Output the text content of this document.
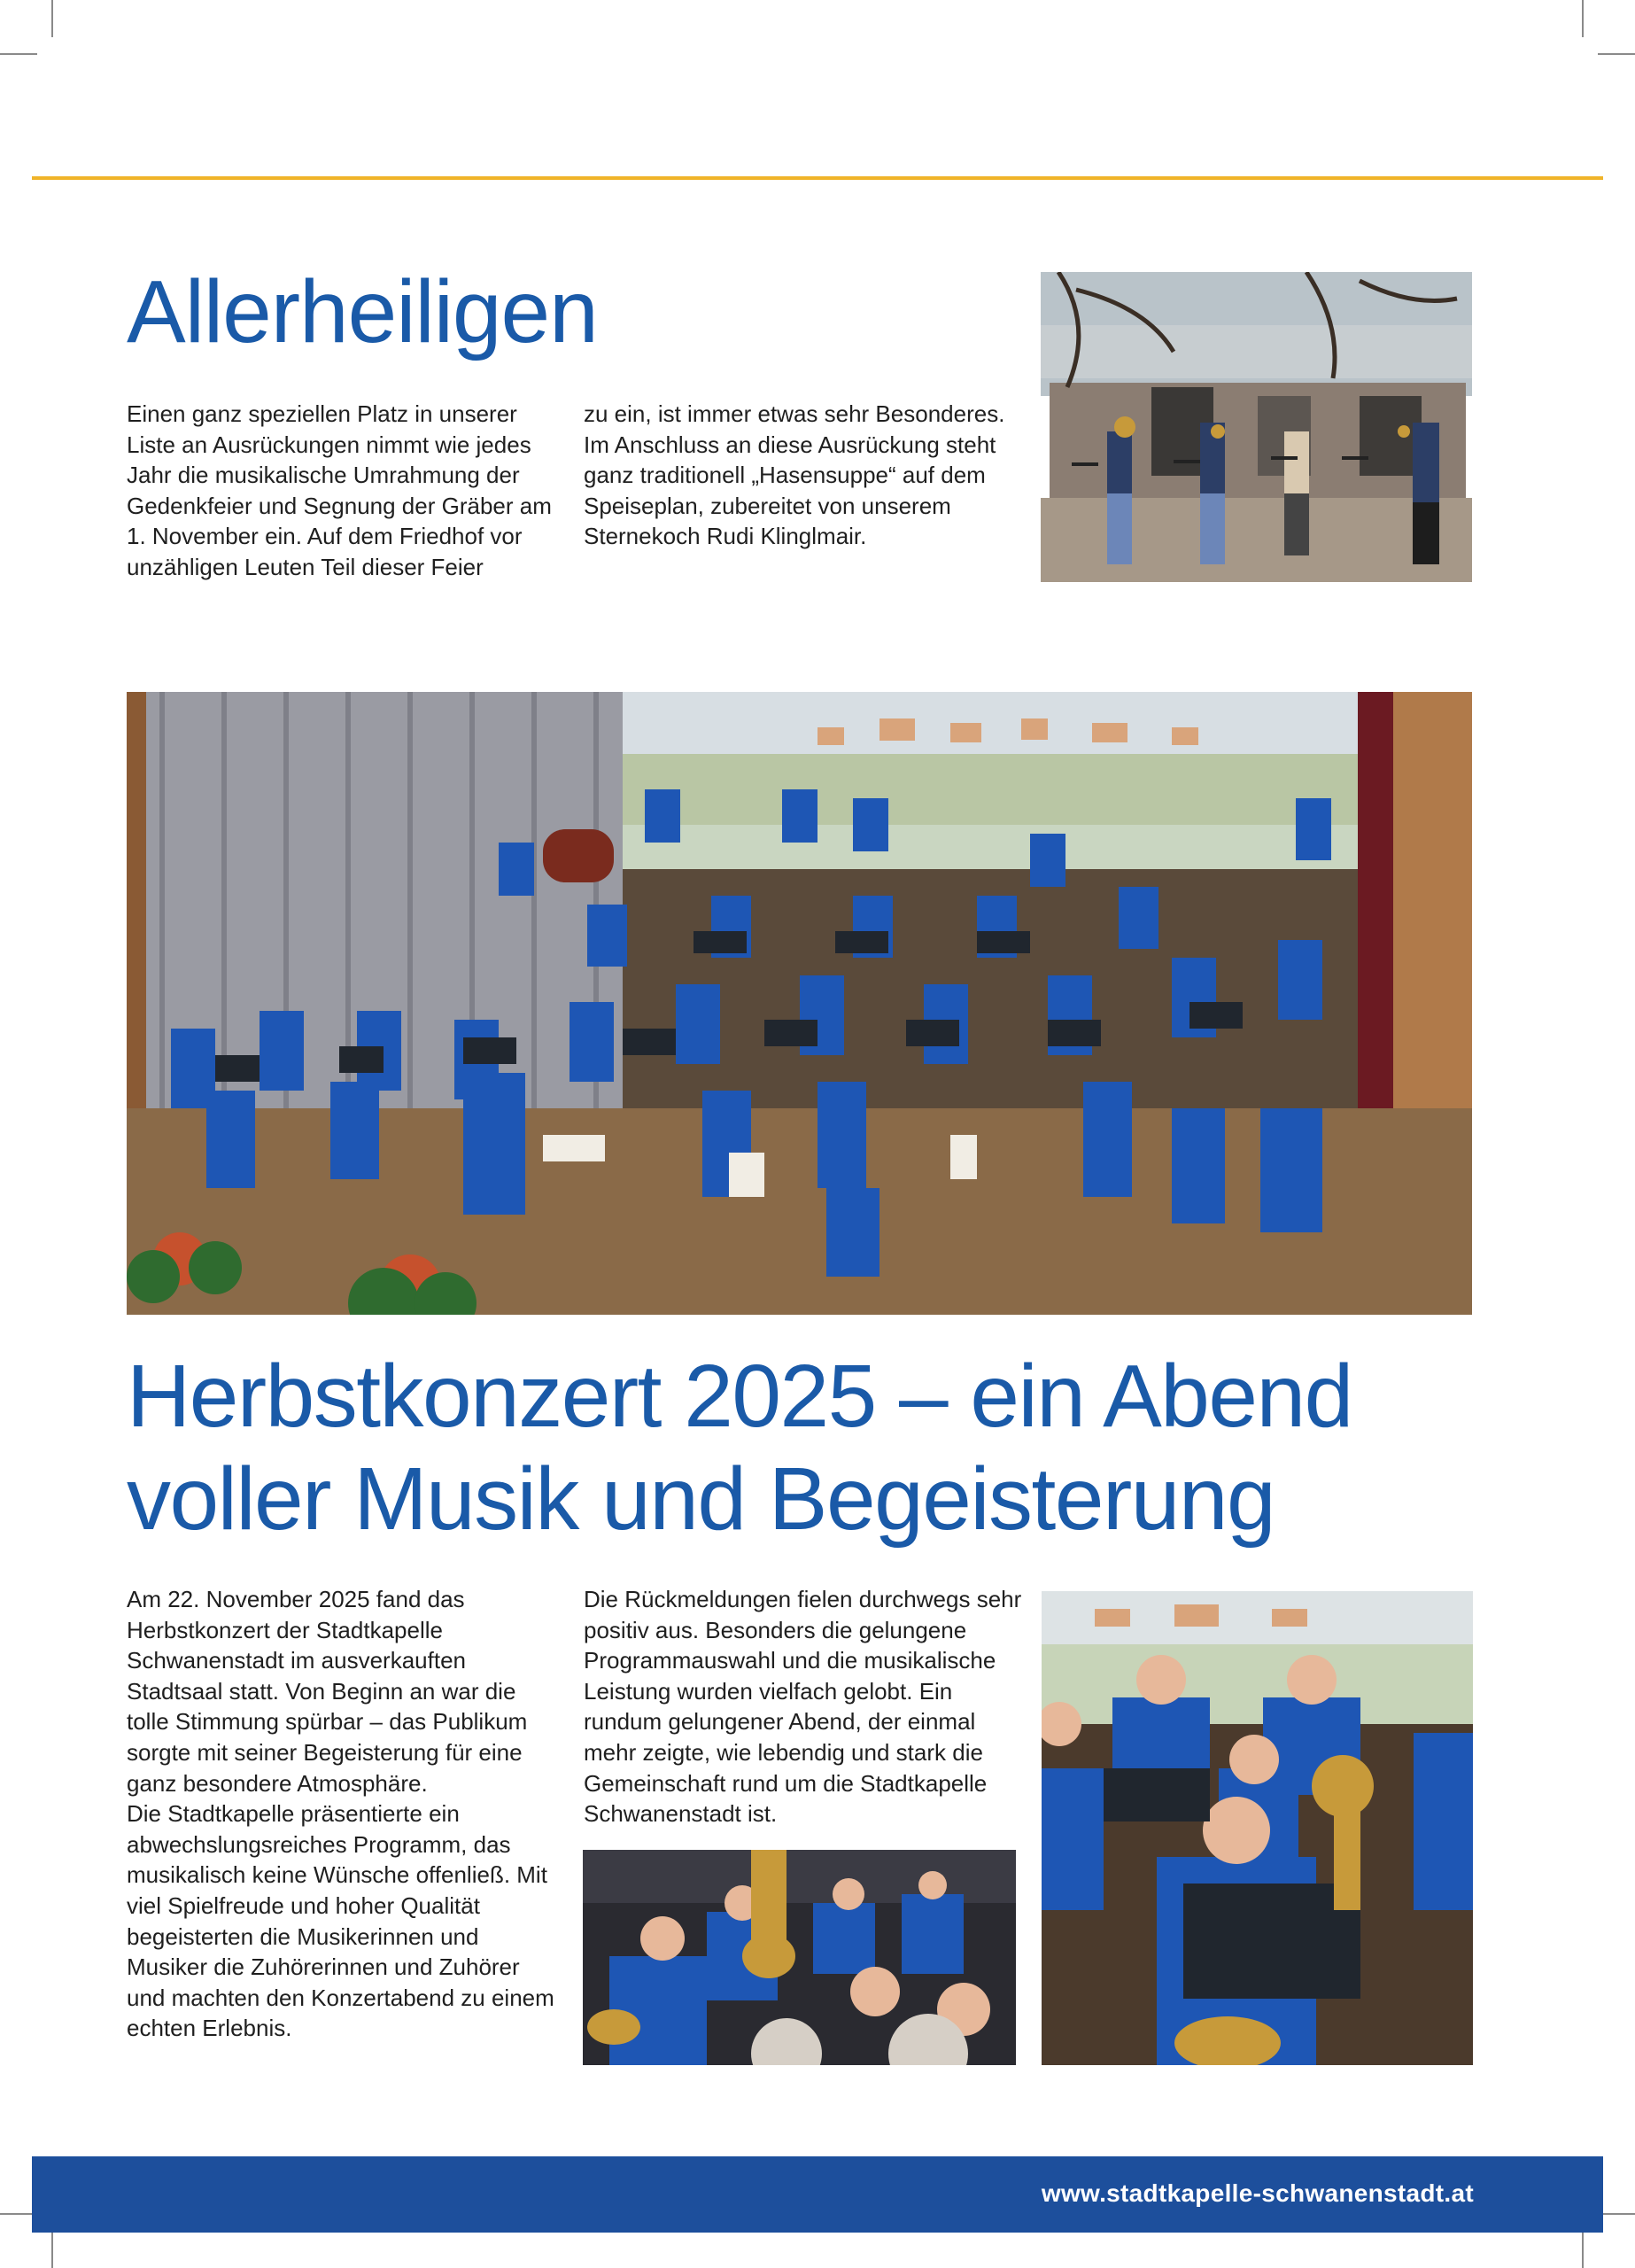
Allerheiligen

Einen ganz speziellen Platz in unserer Liste an Ausrückungen nimmt wie jedes Jahr die musikalische Umrahmung der Gedenkfeier und Segnung der Gräber am 1. November ein. Auf dem Friedhof vor unzähligen Leuten Teil dieser Feier

zu ein, ist immer etwas sehr Besonderes. Im Anschluss an diese Ausrückung steht ganz traditionell „Hasensuppe“ auf dem Speiseplan, zubereitet von unserem Sternekoch Rudi Klinglmair.

Herbstkonzert 2025 – ein Abend
voller Musik und Begeisterung

Am 22. November 2025 fand das Herbstkonzert der Stadtkapelle Schwanenstadt im ausverkauften Stadtsaal statt. Von Beginn an war die tolle Stimmung spürbar – das Publikum sorgte mit seiner Begeisterung für eine ganz besondere Atmosphäre.

Die Stadtkapelle präsentierte ein abwechslungsreiches Programm, das musikalisch keine Wünsche offenließ. Mit viel Spielfreude und hoher Qualität begeisterten die Musikerinnen und Musiker die Zuhörerinnen und Zuhörer und machten den Konzertabend zu einem echten Erlebnis.

Die Rückmeldungen fielen durchwegs sehr positiv aus. Besonders die gelungene Programmauswahl und die musikalische Leistung wurden vielfach gelobt. Ein rundum gelungener Abend, der einmal mehr zeigte, wie lebendig und stark die Gemeinschaft rund um die Stadtkapelle Schwanenstadt ist.

www.stadtkapelle-schwanenstadt.at
